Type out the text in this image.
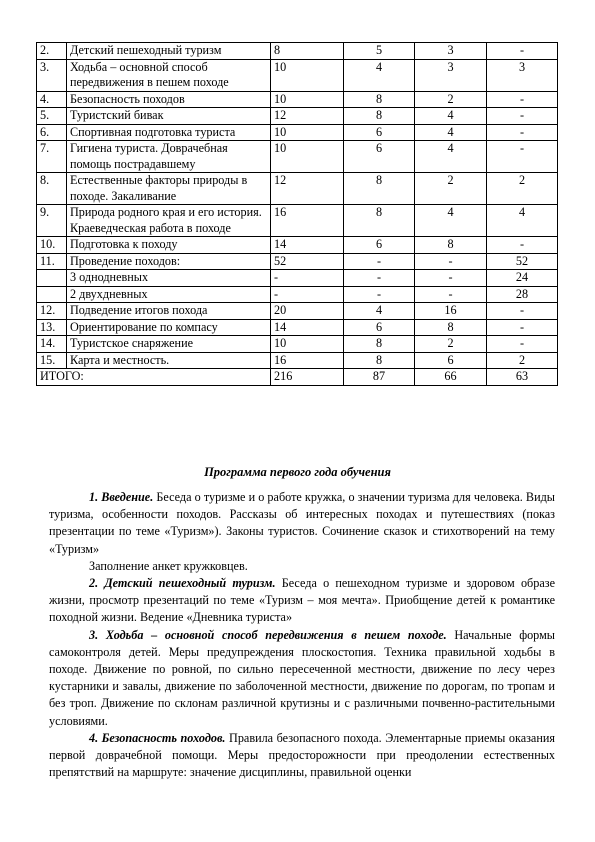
2.	Детский пешеходный туризм	8	5	3	-
3.	Ходьба – основной способ передвижения в пешем походе	10	4	3	3
4.	Безопасность походов	10	8	2	-
5.	Туристский бивак	12	8	4	-
6.	Спортивная подготовка туриста	10	6	4	-
7.	Гигиена туриста. Доврачебная помощь пострадавшему	10	6	4	-
8.	Естественные факторы природы в походе. Закаливание	12	8	2	2
9.	Природа родного края и его история. Краеведческая работа в походе	16	8	4	4
10.	Подготовка к походу	14	6	8	-
11.	Проведение походов:	52	-	-	52
	3 однодневных	-	-	-	24
	2 двухдневных	-	-	-	28
12.	Подведение итогов похода	20	4	16	-
13.	Ориентирование по компасу	14	6	8	-
14.	Туристское снаряжение	10	8	2	-
15.	Карта и местность.	16	8	6	2
ИТОГО:		216	87	66	63
Программа первого года обучения

1. Введение. Беседа о туризме и о работе кружка, о значении туризма для человека. Виды туризма, особенности походов. Рассказы об интересных походах и путешествиях (показ презентации по теме «Туризм»). Законы туристов. Сочинение сказок и стихотворений на тему «Туризм»

Заполнение анкет кружковцев.

2. Детский пешеходный туризм. Беседа о пешеходном туризме и здоровом образе жизни, просмотр презентаций по теме «Туризм – моя мечта». Приобщение детей к романтике походной жизни. Ведение «Дневника туриста»

3. Ходьба – основной способ передвижения в пешем походе. Начальные формы самоконтроля детей. Меры предупреждения плоскостопия. Техника правильной ходьбы в походе. Движение по ровной, по сильно пересеченной местности, движение по лесу через кустарники и завалы, движение по заболоченной местности, движение по дорогам, по тропам и без троп. Движение по склонам различной крутизны и с различными почвенно-растительными условиями.

4. Безопасность походов. Правила безопасного похода. Элементарные приемы оказания первой доврачебной помощи. Меры предосторожности при преодолении естественных препятствий на маршруте: значение дисциплины, правильной оценки
